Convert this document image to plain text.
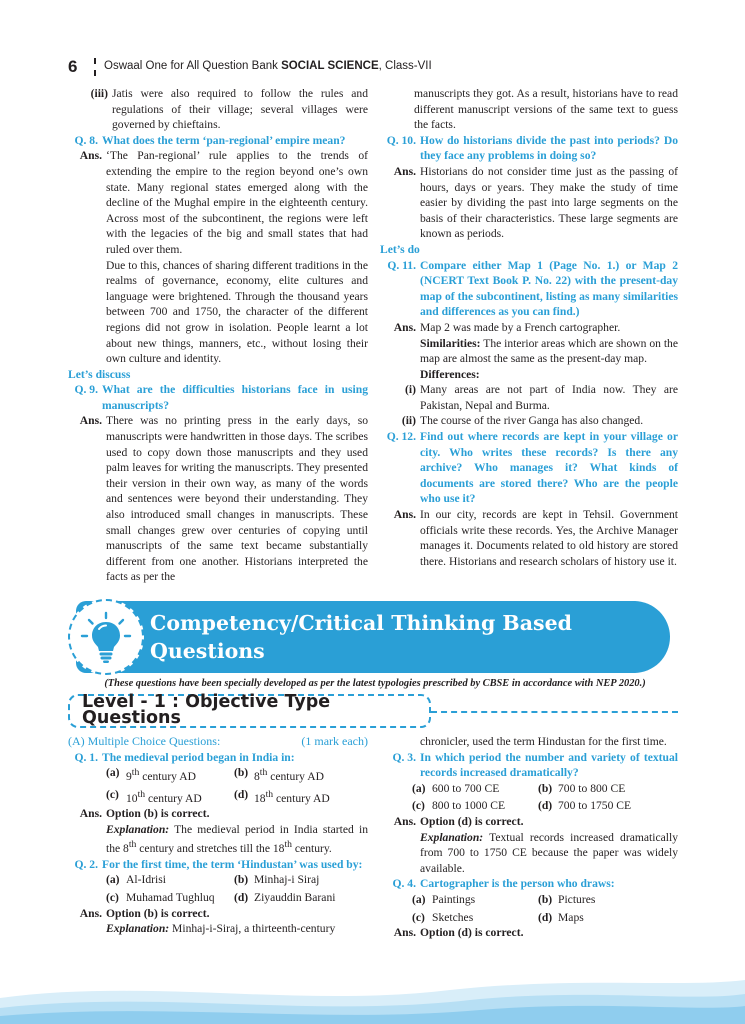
6	Oswaal One for All Question Bank SOCIAL SCIENCE, Class-VII
(iii) Jatis were also required to follow the rules and regulations of their village; several villages were governed by chieftains.
Q. 8. What does the term ‘pan-regional’ empire mean?
Ans. ‘The Pan-regional’ rule applies to the trends of extending the empire to the region beyond one’s own state. Many regional states emerged along with the decline of the Mughal empire in the eighteenth century. Across most of the subcontinent, the regions were left with the legacies of the big and small states that had ruled over them.
Due to this, chances of sharing different traditions in the realms of governance, economy, elite cultures and language were brightened. Through the thousand years between 700 and 1750, the character of the different regions did not grow in isolation. People learnt a lot about new things, manners, etc., without losing their own culture and identity.
Let’s discuss
Q. 9. What are the difficulties historians face in using manuscripts?
Ans. There was no printing press in the early days, so manuscripts were handwritten in those days. The scribes used to copy down those manuscripts and they used palm leaves for writing the manuscripts. They presented their version in their own way, as many of the words and sentences were beyond their understanding. They also introduced small changes in manuscripts. These small changes grew over centuries of copying until manuscripts of the same text became substantially different from one another. Historians interpreted the facts as per the
manuscripts they got. As a result, historians have to read different manuscript versions of the same text to guess the facts.
Q. 10. How do historians divide the past into periods? Do they face any problems in doing so?
Ans. Historians do not consider time just as the passing of hours, days or years. They make the study of time easier by dividing the past into large segments on the basis of their characteristics. These large segments are known as periods.
Let’s do
Q. 11. Compare either Map 1 (Page No. 1.) or Map 2 (NCERT Text Book P. No. 22) with the present-day map of the subcontinent, listing as many similarities and differences as you can find.)
Ans. Map 2 was made by a French cartographer.
Similarities: The interior areas which are shown on the map are almost the same as the present-day map.
Differences:
(i) Many areas are not part of India now. They are Pakistan, Nepal and Burma.
(ii) The course of the river Ganga has also changed.
Q. 12. Find out where records are kept in your village or city. Who writes these records? Is there any archive? Who manages it? What kinds of documents are stored there? Who are the people who use it?
Ans. In our city, records are kept in Tehsil. Government officials write these records. Yes, the Archive Manager manages it. Documents related to old history are stored there. Historians and research scholars of history use it.
Competency/Critical Thinking Based Questions
(These questions have been specially developed as per the latest typologies prescribed by CBSE in accordance with NEP 2020.)
Level - 1 : Objective Type Questions
(A) Multiple Choice Questions:	(1 mark each)
Q. 1. The medieval period began in India in:
(a) 9th century AD	(b) 8th century AD
(c) 10th century AD	(d) 18th century AD
Ans. Option (b) is correct.
Explanation: The medieval period in India started in the 8th century and stretches till the 18th century.
Q. 2. For the first time, the term ‘Hindustan’ was used by:
(a) Al-Idrisi	(b) Minhaj-i Siraj
(c) Muhamad Tughluq (d) Ziyauddin Barani
Ans. Option (b) is correct.
Explanation: Minhaj-i-Siraj, a thirteenth-century
chronicler, used the term Hindustan for the first time.
Q. 3. In which period the number and variety of textual records increased dramatically?
(a) 600 to 700 CE	(b) 700 to 800 CE
(c) 800 to 1000 CE	(d) 700 to 1750 CE
Ans. Option (d) is correct.
Explanation: Textual records increased dramatically from 700 to 1750 CE because the paper was widely available.
Q. 4. Cartographer is the person who draws:
(a) Paintings	(b) Pictures
(c) Sketches	(d) Maps
Ans. Option (d) is correct.
